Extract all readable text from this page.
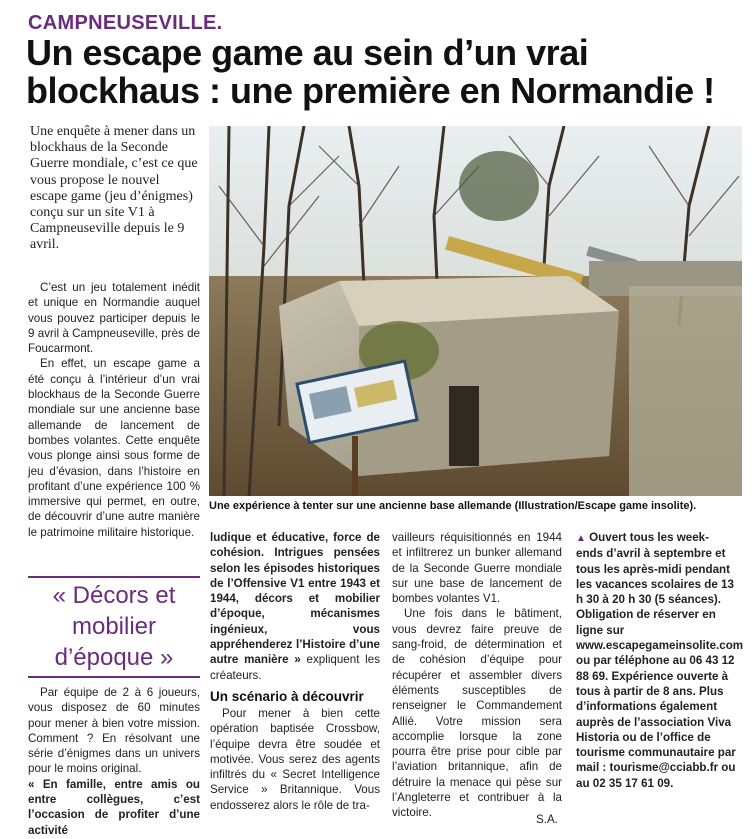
CAMPNEUSEVILLE.
Un escape game au sein d’un vrai blockhaus : une première en Normandie !
Une enquête à mener dans un blockhaus de la Seconde Guerre mondiale, c’est ce que vous propose le nouvel escape game (jeu d’énigmes) conçu sur un site V1 à Campneuseville depuis le 9 avril.

C’est un jeu totalement inédit et unique en Normandie auquel vous pouvez participer depuis le 9 avril à Campneuseville, près de Foucarmont.

En effet, un escape game a été conçu à l’intérieur d’un vrai blockhaus de la Seconde Guerre mondiale sur une ancienne base allemande de lancement de bombes volantes. Cette enquête vous plonge ainsi sous forme de jeu d’évasion, dans l’histoire en profitant d’une expérience 100 % immersive qui permet, en outre, de découvrir d’une autre manière le patrimoine militaire historique.

« Décors et mobilier d’époque »

Par équipe de 2 à 6 joueurs, vous disposez de 60 minutes pour mener à bien votre mission. Comment ? En résolvant une série d’énigmes dans un univers pour le moins original.

« En famille, entre amis ou entre collègues, c’est l’occasion de profiter d’une activité

Une expérience à tenter sur une ancienne base allemande (Illustration/Escape game insolite).

ludique et éducative, force de cohésion. Intrigues pensées selon les épisodes historiques de l’Offensive V1 entre 1943 et 1944, décors et mobilier d’époque, mécanismes ingénieux, vous appréhenderez l’Histoire d’une autre manière » expliquent les créateurs.

Un scénario à découvrir

Pour mener à bien cette opération baptisée Crossbow, l’équipe devra être soudée et motivée. Vous serez des agents infiltrés du « Secret Intelligence Service » Britannique. Vous endosserez alors le rôle de tra-

vailleurs réquisitionnés en 1944 et infiltrerez un bunker allemand de la Seconde Guerre mondiale sur une base de lancement de bombes volantes V1.

Une fois dans le bâtiment, vous devrez faire preuve de sang-froid, de détermination et de cohésion d’équipe pour récupérer et assembler divers éléments susceptibles de renseigner le Commandement Allié. Votre mission sera accomplie lorsque la zone pourra être prise pour cible par l’aviation britannique, afin de détruire la menace qui pèse sur l’Angleterre et contribuer à la victoire.

▲ Ouvert tous les week-ends d’avril à septembre et tous les après-midi pendant les vacances scolaires de 13 h 30 à 20 h 30 (5 séances). Obligation de réserver en ligne sur www.escapegameinsolite.com ou par téléphone au 06 43 12 88 69. Expérience ouverte à tous à partir de 8 ans. Plus d’informations également auprès de l’association Viva Historia ou de l’office de tourisme communautaire par mail : tourisme@cciabb.fr ou au 02 35 17 61 09.
S.A.
